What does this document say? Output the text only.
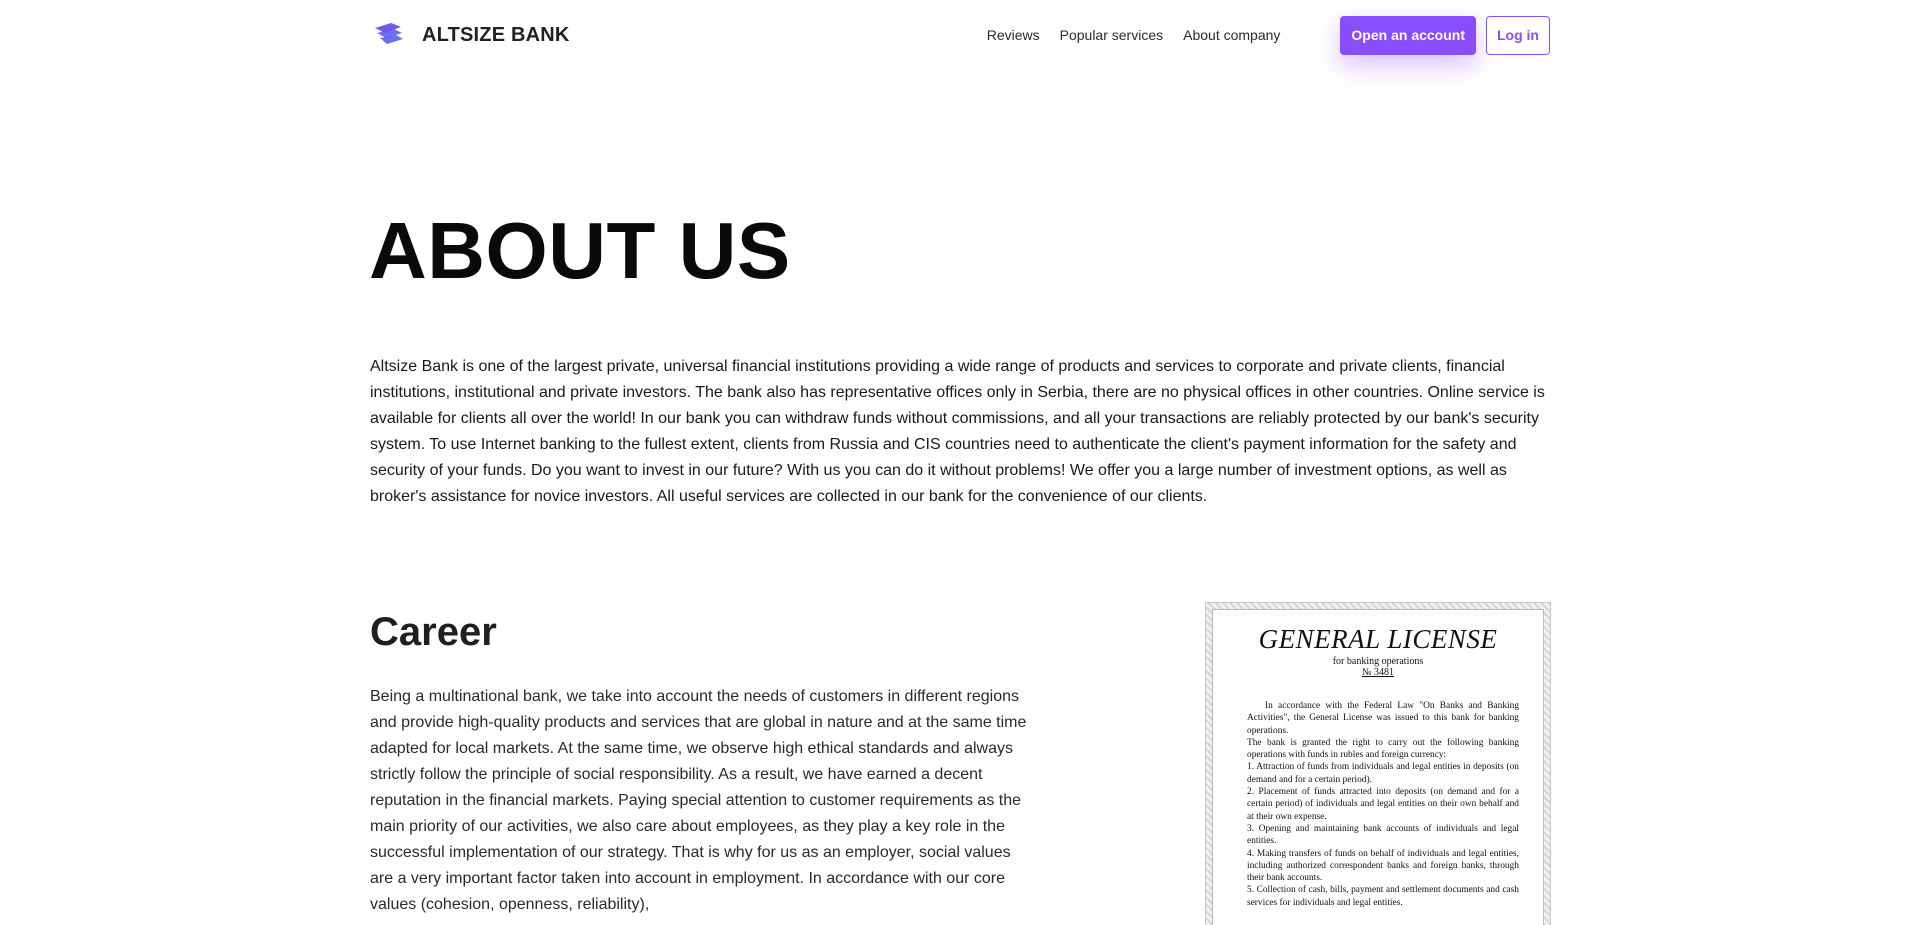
ALTSIZE BANK	Reviews Popular services About company	Open an account	Log in
ABOUT US

Altsize Bank is one of the largest private, universal financial institutions providing a wide range of products and services to corporate and private clients, financial institutions, institutional and private investors. The bank also has representative offices only in Serbia, there are no physical offices in other countries. Online service is available for clients all over the world! In our bank you can withdraw funds without commissions, and all your transactions are reliably protected by our bank's security system. To use Internet banking to the fullest extent, clients from Russia and CIS countries need to authenticate the client's payment information for the safety and security of your funds. Do you want to invest in our future? With us you can do it without problems! We offer you a large number of investment options, as well as broker's assistance for novice investors. All useful services are collected in our bank for the convenience of our clients.

Career

Being a multinational bank, we take into account the needs of customers in different regions and provide high-quality products and services that are global in nature and at the same time adapted for local markets. At the same time, we observe high ethical standards and always strictly follow the principle of social responsibility. As a result, we have earned a decent reputation in the financial markets. Paying special attention to customer requirements as the main priority of our activities, we also care about employees, as they play a key role in the successful implementation of our strategy. That is why for us as an employer, social values are a very important factor taken into account in employment. In accordance with our core values (cohesion, openness, reliability),

GENERAL LICENSE
for banking operations
№ 3481

In accordance with the Federal Law "On Banks and Banking Activities", the General License was issued to this bank for banking operations.

The bank is granted the right to carry out the following banking operations with funds in rubles and foreign currency:

1. Attraction of funds from individuals and legal entities in deposits (on demand and for a certain period).

2. Placement of funds attracted into deposits (on demand and for a certain period) of individuals and legal entities on their own behalf and at their own expense.

3. Opening and maintaining bank accounts of individuals and legal entities.

4. Making transfers of funds on behalf of individuals and legal entities, including authorized correspondent banks and foreign banks, through their bank accounts.

5. Collection of cash, bills, payment and settlement documents and cash services for individuals and legal entities.
